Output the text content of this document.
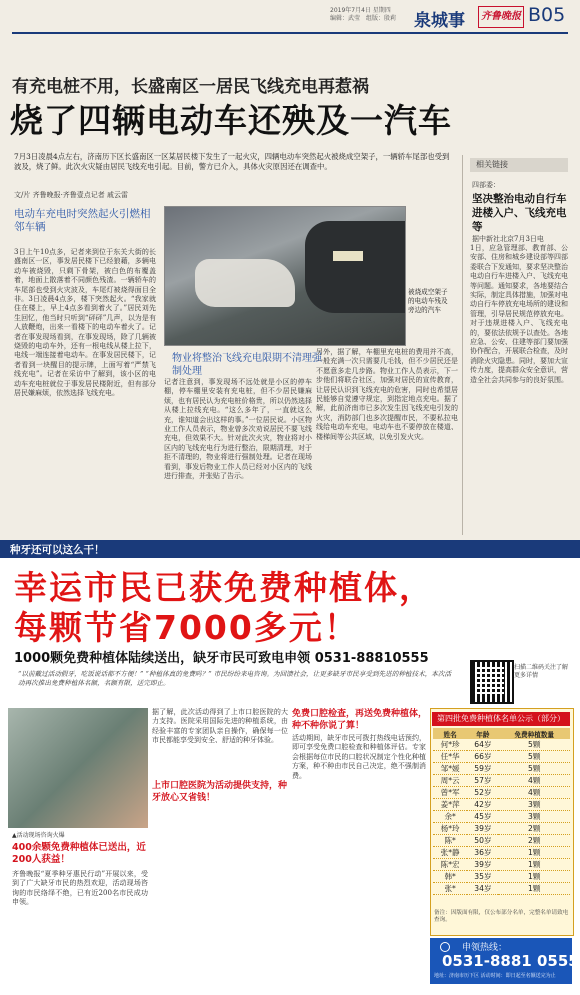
2019年7月4日 星期四
编辑：武莹　组版：殷莉	泉城事	齐鲁晚报 B05
有充电桩不用，长盛南区一居民飞线充电再惹祸
烧了四辆电动车还殃及一汽车
7月3日凌晨4点左右，济南历下区长盛南区一区某居民楼下发生了一起火灾，四辆电动车突然起火被烧成空架子，一辆轿车尾部也受到波及，烧了鲜。此次火灾疑由居民飞线充电引起。目前，警方已介入，具体火灾原因还在调查中。
文/片 齐鲁晚报·齐鲁壹点记者 戚云雷
电动车充电时突然起火引燃相邻车辆
3日上午10点多，记者来到位于东关大街的长盛南区一区，事发居民楼下已经狼藉，多辆电动车被烧毁，只剩下骨架，被白色的布覆盖着，地面上散落着不同颜色残渣。一辆轿车的车尾部也受到火灾波及，车尾灯被烧得面目全非。3日凌晨4点多，楼下突然起火。“我家就住在楼上，早上4点多看到着火了。”居民刘先生回忆，他当时只听到“砰砰”几声，以为是有人放鞭炮，出来一看楼下的电动车着火了。记者在事发现场看到，在事发现场，除了几辆被烧毁的电动车外，还有一根电线从楼上拉下，电线一端连接着电动车。在事发居民楼下，记者看到一块醒目的提示牌，上面写着“严禁飞线充电”。记者在采访中了解到，该小区的电动车充电桩就位于事发居民楼附近，但有部分居民嫌麻烦，依然选择飞线充电。
被烧成空架子的电动车残及旁边的汽车
物业将整治飞线充电限期不清理强制处理
记者注意到，事发现场不远处就是小区的停车棚，停车棚里安装有充电桩，但不少居民嫌麻烦，也有居民认为充电桩价格贵，所以仍然选择从楼上拉线充电。“这么多年了，一直就这么充，谁知道会出这样的事。”一位居民说。小区物业工作人员表示，物业曾多次劝说居民不要飞线充电，但效果不大。针对此次火灾，物业将对小区内的飞线充电行为进行整治，限期清理，对于拒不清理的，物业将进行强制处理。记者在现场看到，事发后物业工作人员已经对小区内的飞线进行排查，并张贴了告示。
另外，据了解，车棚里充电桩的费用并不高，一般充满一次只需要几毛钱，但不少居民还是不愿意多走几步路。物业工作人员表示，下一步他们将联合社区，加强对居民的宣传教育，让居民认识到飞线充电的危害，同时也希望居民能够自觉遵守规定，到指定地点充电。据了解，此前济南市已多次发生因飞线充电引发的火灾，消防部门也多次提醒市民，不要私拉电线给电动车充电，电动车也不要停放在楼道、楼梯间等公共区域，以免引发火灾。
相关链接
四部委：
坚决整治电动自行车进楼入户、飞线充电等
据中新社北京7月3日电
1日，应急管理部、教育部、公安部、住房和城乡建设部等四部委联合下发通知，要求坚决整治电动自行车进楼入户、飞线充电等问题。通知要求，各地要结合实际，制定具体措施，加强对电动自行车停放充电场所的建设和管理，引导居民规范停放充电。对于违规进楼入户、飞线充电的，要依法依规予以查处。各地应急、公安、住建等部门要加强协作配合，开展联合检查，及时消除火灾隐患。同时，要加大宣传力度，提高群众安全意识，营造全社会共同参与的良好氛围。
种牙还可以这么干！
幸运市民已获免费种植体，
每颗节省7000多元！
1000颗免费种植体陆续送出，缺牙市民可致电申领 0531-88810555
“以前戴过活动假牙，吃饭说话都不方便！” “种植体真的免费吗？” 市民纷纷来电咨询。为回馈社会，让更多缺牙市民享受到先进的种植技术，本次活动再次推出免费种植体名额，名额有限，送完即止。
扫描二维码关注了解更多详情
▲活动现场咨询火爆
400余颗免费种植体已送出，近200人获益！
齐鲁晚报“夏季种牙惠民行动”开展以来，受到了广大缺牙市民的热烈欢迎，活动现场咨询的市民络绎不绝，已有近200名市民成功申领。
据了解，此次活动得到了上市口腔医院的大力支持。医院采用国际先进的种植系统，由经验丰富的专家团队亲自操作，确保每一位市民都能享受到安全、舒适的种牙体验。
上市口腔医院为活动提供支持，种牙放心又省钱！
免费口腔检查，再送免费种植体，种不种你说了算！
活动期间，缺牙市民可拨打热线电话预约，即可享受免费口腔检查和种植体评估。专家会根据每位市民的口腔状况制定个性化种植方案，种不种由市民自己决定，绝不强制消费。
第四批免费种植体名单公示（部分）
姓名	年龄	免费种植数量
何*珍	64岁	5颗
任*华	66岁	5颗
邹*媛	59岁	5颗
周*云	57岁	4颗
曾*军	52岁	4颗
姜*萍	42岁	3颗
余*	45岁	3颗
杨*玲	39岁	2颗
陈*	50岁	2颗
张*静	36岁	1颗
陈*宏	39岁	1颗
韩*	35岁	1颗
张*	34岁	1颗
备注：因版面有限，仅公布部分名单，完整名单请致电查询。
申领热线：
0531-8881 0555
地址：济南市历下区 活动时间：即日起至名额送完为止
